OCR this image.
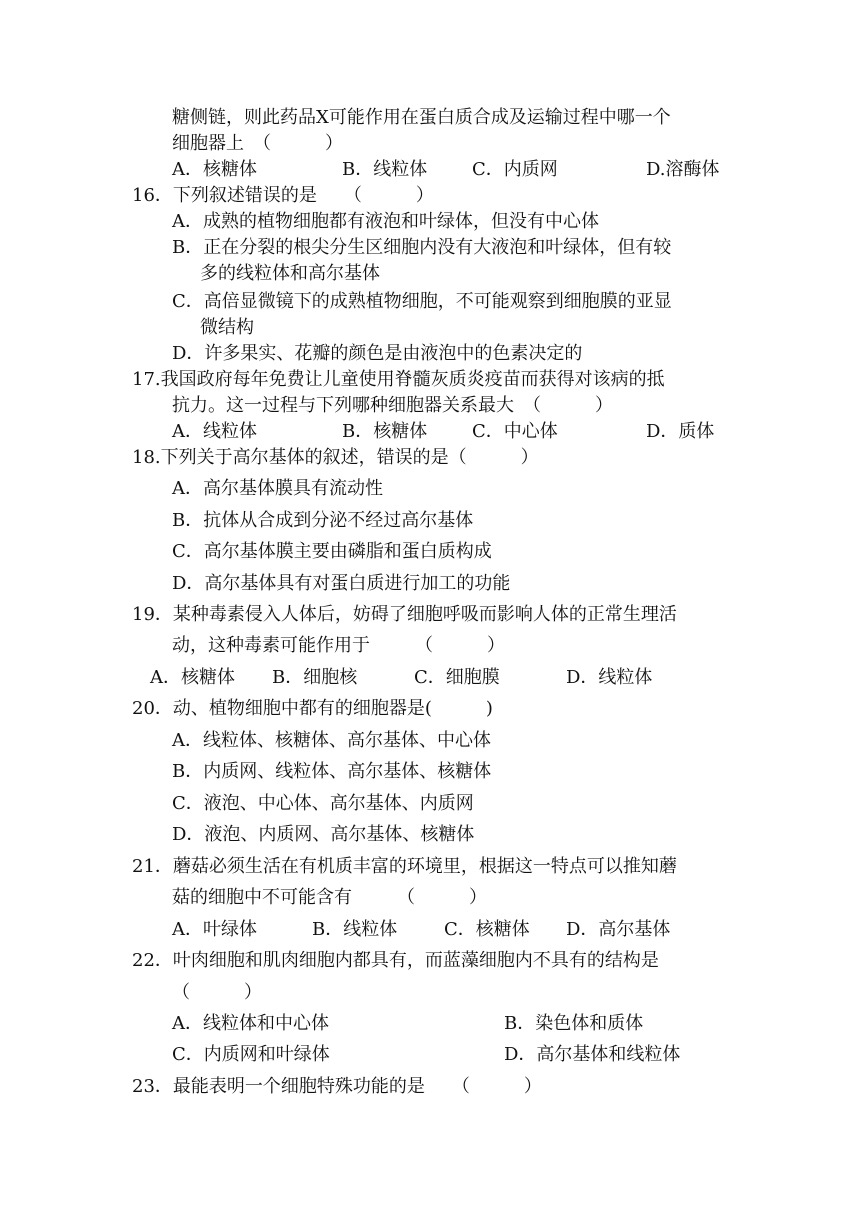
糖侧链，则此药品X可能作用在蛋白质合成及运输过程中哪一个
细胞器上　（　　　）
A．核糖体	B．线粒体 C．内质网	D.溶酶体
16．下列叙述错误的是　　（　　　）
A．成熟的植物细胞都有液泡和叶绿体，但没有中心体
B．正在分裂的根尖分生区细胞内没有大液泡和叶绿体，但有较
多的线粒体和高尔基体
C．高倍显微镜下的成熟植物细胞，不可能观察到细胞膜的亚显
微结构
D．许多果实、花瓣的颜色是由液泡中的色素决定的
17.我国政府每年免费让儿童使用脊髓灰质炎疫苗而获得对该病的抵
抗力。这一过程与下列哪种细胞器关系最大　（　　　）
A．线粒体	B．核糖体 C．中心体	D．质体
18.下列关于高尔基体的叙述，错误的是（　　　）
A．高尔基体膜具有流动性
B．抗体从合成到分泌不经过高尔基体
C．高尔基体膜主要由磷脂和蛋白质构成
D．高尔基体具有对蛋白质进行加工的功能
19．某种毒素侵入人体后，妨碍了细胞呼吸而影响人体的正常生理活
动，这种毒素可能作用于　　　（　　　）
A．核糖体 B．细胞核	C．细胞膜	D．线粒体
20．动、植物细胞中都有的细胞器是(　　　)
A．线粒体、核糖体、高尔基体、中心体
B．内质网、线粒体、高尔基体、核糖体
C．液泡、中心体、高尔基体、内质网
D．液泡、内质网、高尔基体、核糖体
21．蘑菇必须生活在有机质丰富的环境里，根据这一特点可以推知蘑
菇的细胞中不可能含有　　　（　　　）
A．叶绿体	B．线粒体	C．核糖体 D．高尔基体
22．叶肉细胞和肌肉细胞内都具有，而蓝藻细胞内不具有的结构是
（　　　）
A．线粒体和中心体	B．染色体和质体
C．内质网和叶绿体	D．高尔基体和线粒体
23．最能表明一个细胞特殊功能的是　　（　　　）
